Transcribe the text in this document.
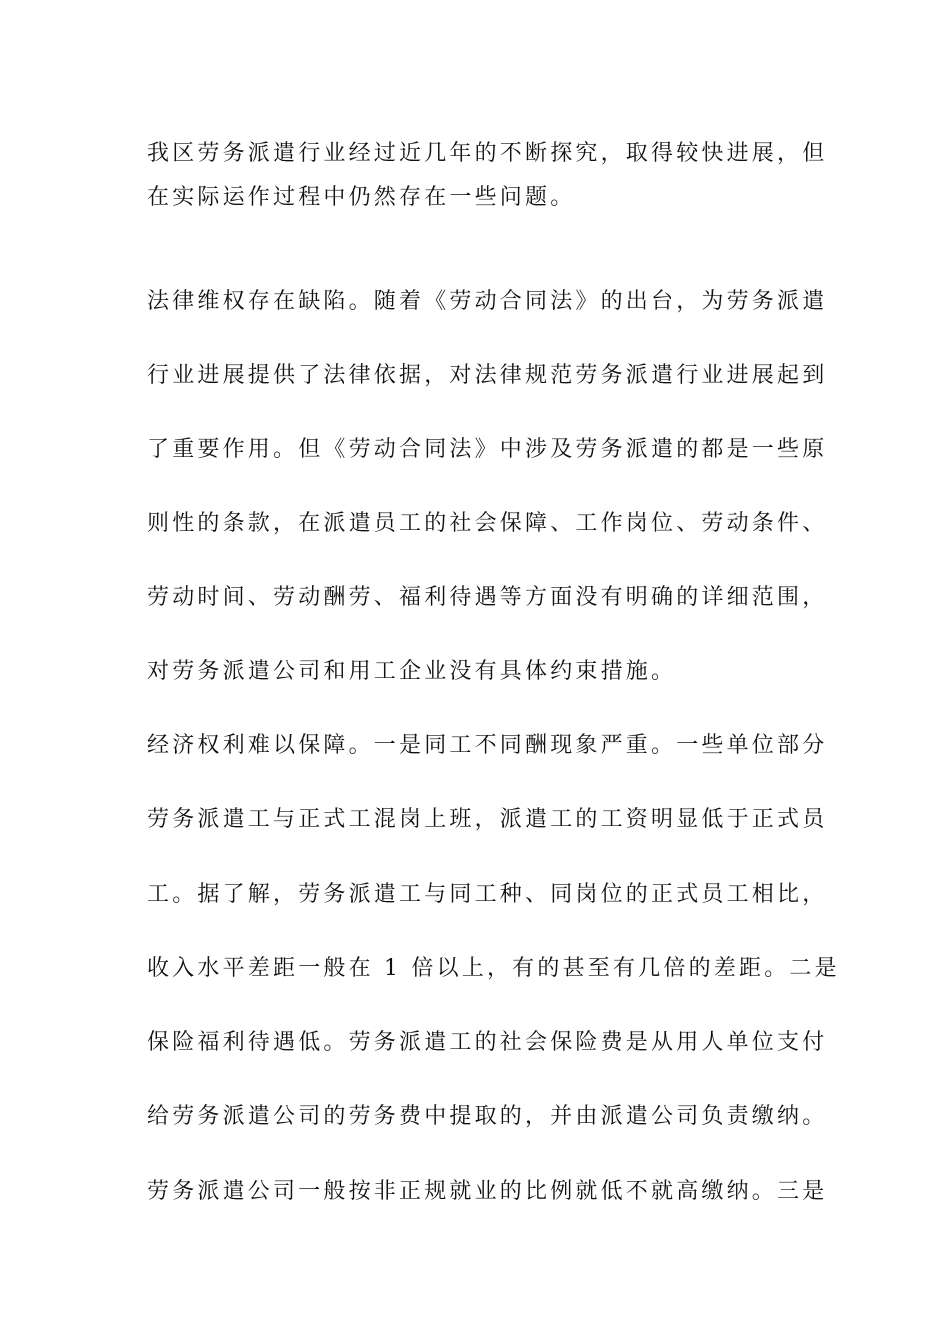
我区劳务派遣行业经过近几年的不断探究，取得较快进展，但
在实际运作过程中仍然存在一些问题。
法律维权存在缺陷。随着《劳动合同法》的出台，为劳务派遣
行业进展提供了法律依据，对法律规范劳务派遣行业进展起到
了重要作用。但《劳动合同法》中涉及劳务派遣的都是一些原
则性的条款，在派遣员工的社会保障、工作岗位、劳动条件、
劳动时间、劳动酬劳、福利待遇等方面没有明确的详细范围，
对劳务派遣公司和用工企业没有具体约束措施。
经济权利难以保障。一是同工不同酬现象严重。一些单位部分
劳务派遣工与正式工混岗上班，派遣工的工资明显低于正式员
工。据了解，劳务派遣工与同工种、同岗位的正式员工相比，
收入水平差距一般在 1 倍以上，有的甚至有几倍的差距。二是
保险福利待遇低。劳务派遣工的社会保险费是从用人单位支付
给劳务派遣公司的劳务费中提取的，并由派遣公司负责缴纳。
劳务派遣公司一般按非正规就业的比例就低不就高缴纳。三是
